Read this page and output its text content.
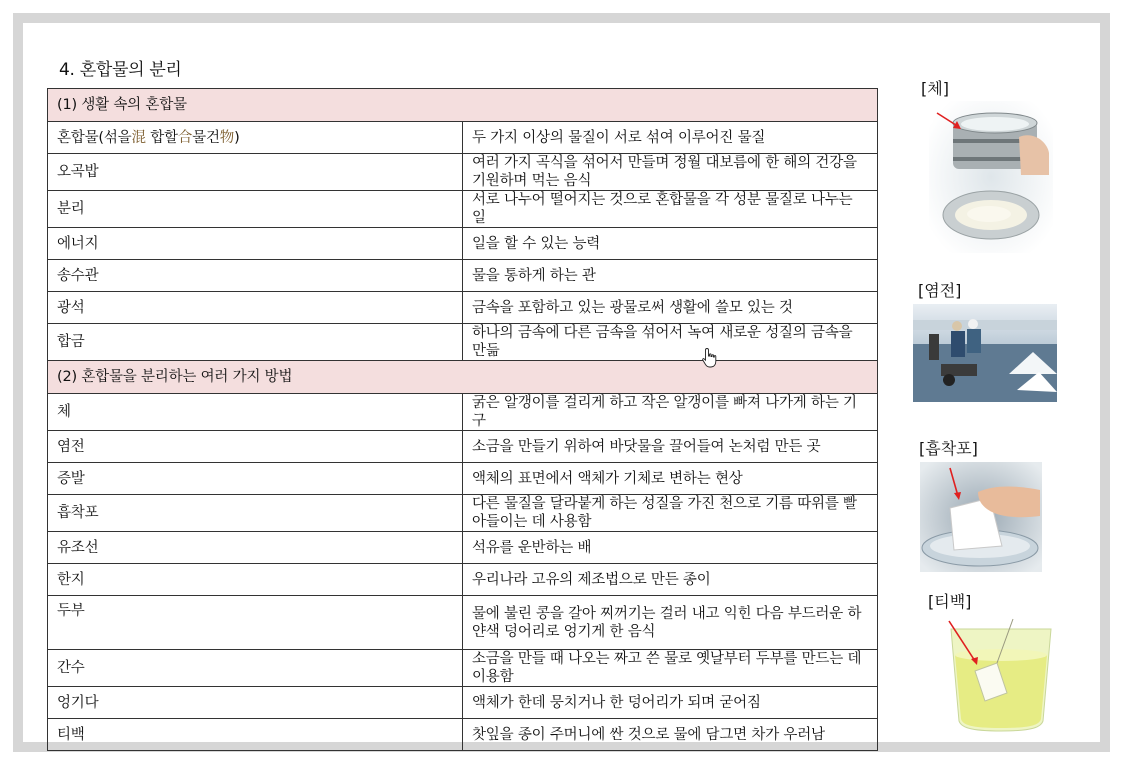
4. 혼합물의 분리
(1) 생활 속의 혼합물	
혼합물(섞을混 합할合물건物)	두 가지 이상의 물질이 서로 섞여 이루어진 물질
오곡밥	여러 가지 곡식을 섞어서 만들며 정월 대보름에 한 해의 건강을 기원하며 먹는 음식
분리	서로 나누어 떨어지는 것으로 혼합물을 각 성분 물질로 나누는 일
에너지	일을 할 수 있는 능력
송수관	물을 통하게 하는 관
광석	금속을 포함하고 있는 광물로써 생활에 쓸모 있는 것
합금	하나의 금속에 다른 금속을 섞어서 녹여 새로운 성질의 금속을 만듦
(2) 혼합물을 분리하는 여러 가지 방법	
체	굵은 알갱이를 걸리게 하고 작은 알갱이를 빠져 나가게 하는 기구
염전	소금을 만들기 위하여 바닷물을 끌어들여 논처럼 만든 곳
증발	액체의 표면에서 액체가 기체로 변하는 현상
흡착포	다른 물질을 달라붙게 하는 성질을 가진 천으로 기름 따위를 빨아들이는 데 사용함
유조선	석유를 운반하는 배
한지	우리나라 고유의 제조법으로 만든 종이
두부	물에 불린 콩을 갈아 찌꺼기는 걸러 내고 익힌 다음 부드러운 하얀색 덩어리로 엉기게 한 음식
간수	소금을 만들 때 나오는 짜고 쓴 물로 옛날부터 두부를 만드는 데 이용함
엉기다	액체가 한데 뭉치거나 한 덩어리가 되며 굳어짐
티백	찻잎을 종이 주머니에 싼 것으로 물에 담그면 차가 우러남
[체]
[염전]
[흡착포]
[티백]
